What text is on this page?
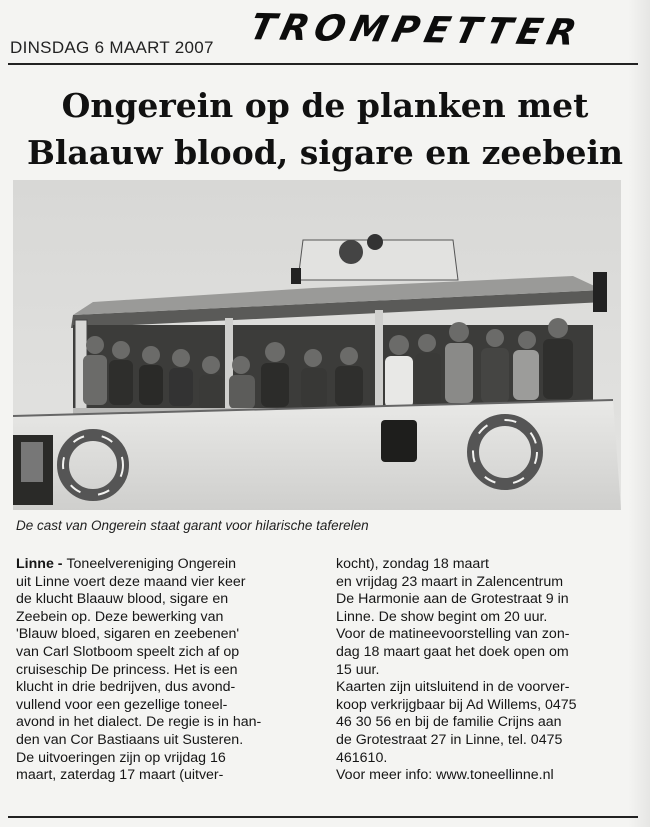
DINSDAG 6 MAART 2007 TROMPETTER
Ongerein op de planken met
Blaauw blood, sigare en zeebein
De cast van Ongerein staat garant voor hilarische taferelen
Linne - Toneelvereniging Ongerein
uit Linne voert deze maand vier keer
de klucht Blaauw blood, sigare en
Zeebein op. Deze bewerking van
'Blauw bloed, sigaren en zeebenen'
van Carl Slotboom speelt zich af op
cruiseschip De princess. Het is een
klucht in drie bedrijven, dus avond-
vullend voor een gezellige toneel-
avond in het dialect. De regie is in han-
den van Cor Bastiaans uit Susteren.
De uitvoeringen zijn op vrijdag 16
maart, zaterdag 17 maart (uitver-
kocht), zondag 18 maart
en vrijdag 23 maart in Zalencentrum
De Harmonie aan de Grotestraat 9 in
Linne. De show begint om 20 uur.
Voor de matineevoorstelling van zon-
dag 18 maart gaat het doek open om
15 uur.
Kaarten zijn uitsluitend in de voorver-
koop verkrijgbaar bij Ad Willems, 0475
46 30 56 en bij de familie Crijns aan
de Grotestraat 27 in Linne, tel. 0475
461610.
Voor meer info: www.toneellinne.nl
